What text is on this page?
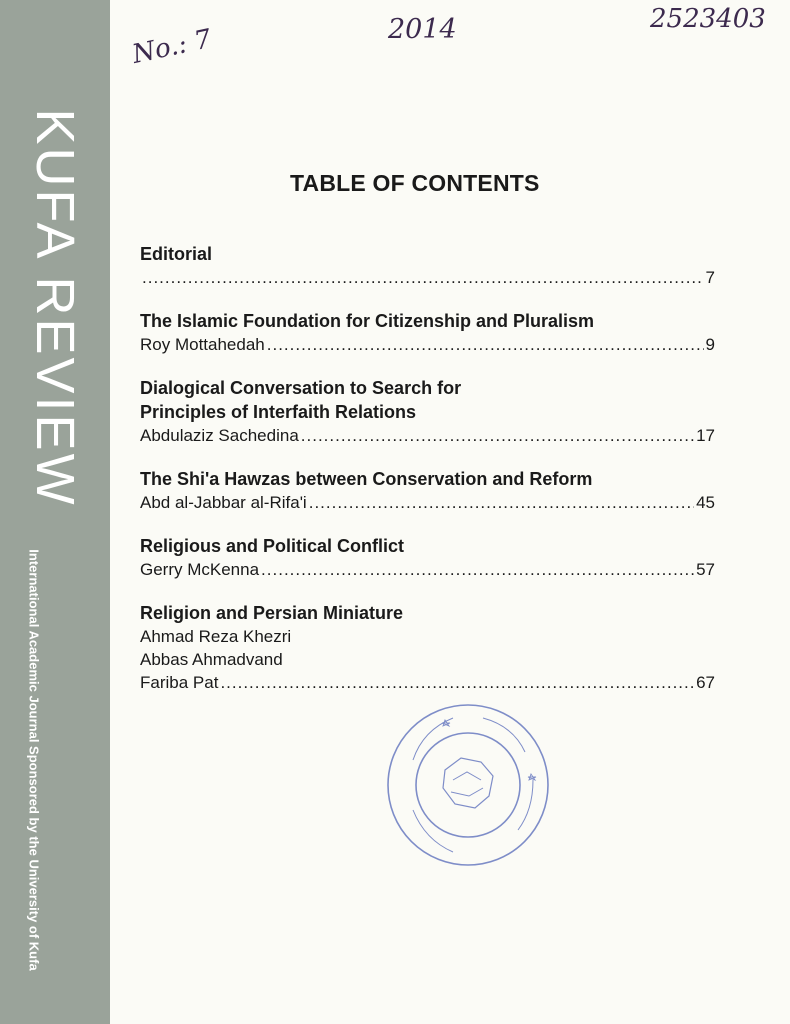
KUFA REVIEW
International Academic Journal Sponsored by the University of Kufa
No.: 7	2014	2523403
TABLE OF CONTENTS
Editorial
.....
7
The Islamic Foundation for Citizenship and Pluralism
Roy Mottahedah .....	9
Dialogical Conversation to Search for
Principles of Interfaith Relations
Abdulaziz Sachedina .....	17
The Shi'a Hawzas between Conservation and Reform
Abd al-Jabbar al-Rifa'i .....	45
Religious and Political Conflict
Gerry McKenna .....	57
Religion and Persian Miniature
Ahmad Reza Khezri
Abbas Ahmadvand
Fariba Pat .....	67
